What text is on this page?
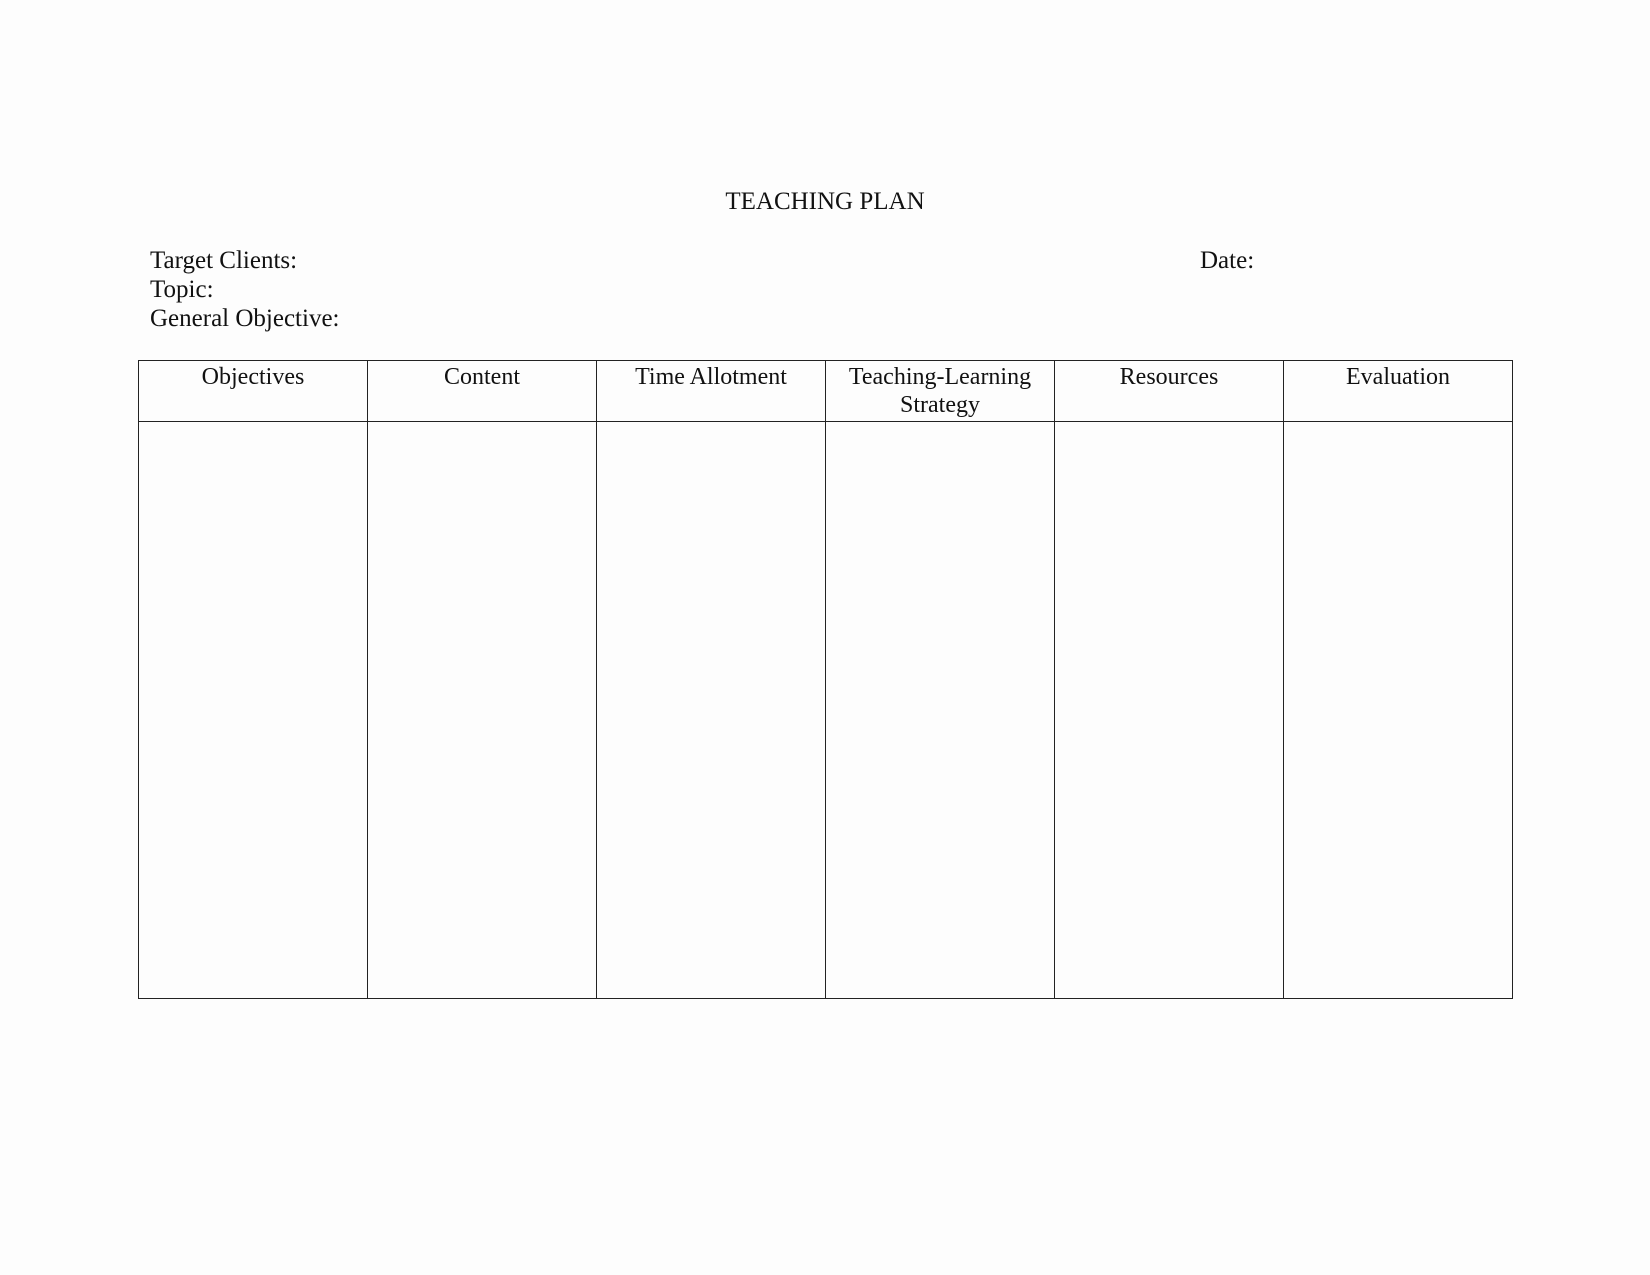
TEACHING PLAN
Target Clients:
Topic:
General Objective:
Date:
Objectives	Content	Time Allotment	Teaching-Learning Strategy	Resources	Evaluation
